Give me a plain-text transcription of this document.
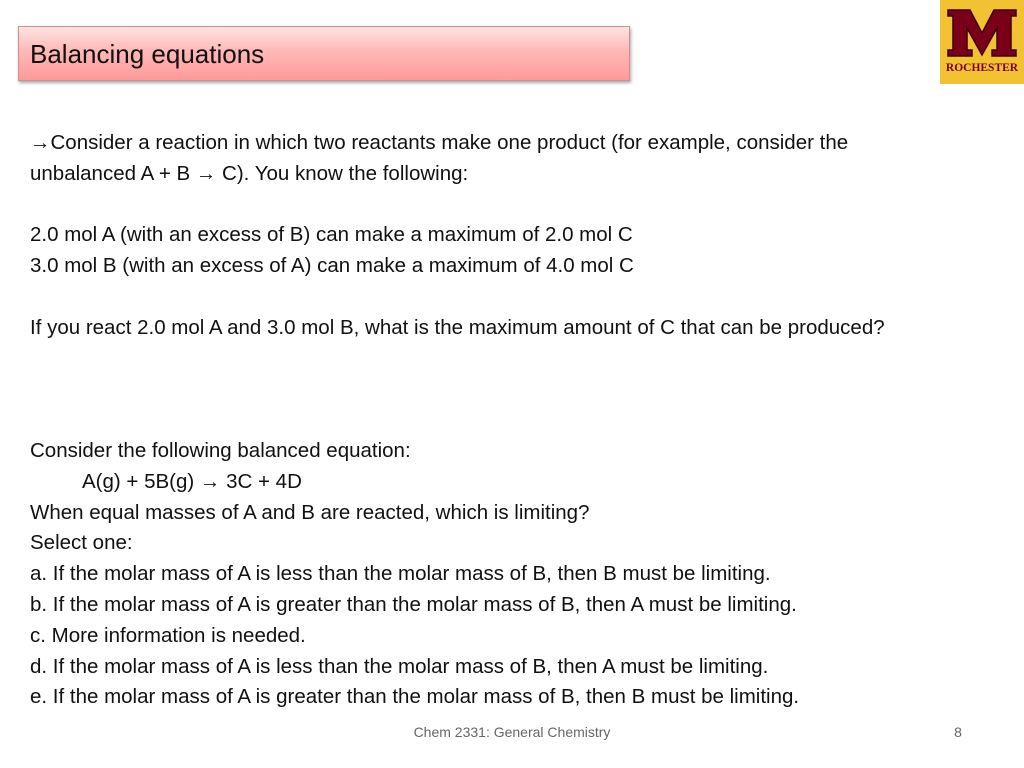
Balancing equations	ROCHESTER
→Consider a reaction in which two reactants make one product (for example, consider the
unbalanced A + B → C). You know the following:
2.0 mol A (with an excess of B) can make a maximum of 2.0 mol C
3.0 mol B (with an excess of A) can make a maximum of 4.0 mol C
If you react 2.0 mol A and 3.0 mol B, what is the maximum amount of C that can be produced?
Consider the following balanced equation:
A(g) + 5B(g) → 3C + 4D
When equal masses of A and B are reacted, which is limiting?
Select one:
a. If the molar mass of A is less than the molar mass of B, then B must be limiting.
b. If the molar mass of A is greater than the molar mass of B, then A must be limiting.
c. More information is needed.
d. If the molar mass of A is less than the molar mass of B, then A must be limiting.
e. If the molar mass of A is greater than the molar mass of B, then B must be limiting.
Chem 2331: General Chemistry	8
